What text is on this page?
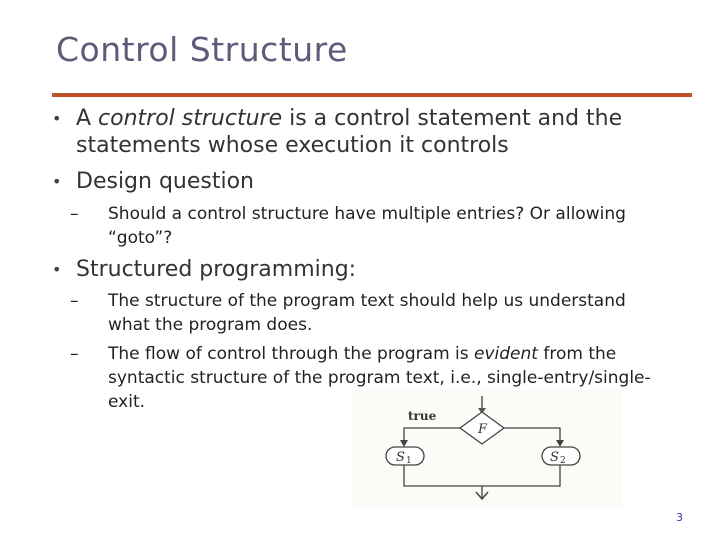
Control Structure
• A control structure is a control statement and the statements whose execution it controls
• Design question
– Should a control structure have multiple entries? Or allowing “goto”?
• Structured programming:
– The structure of the program text should help us understand what the program does.
– The flow of control through the program is evident from the syntactic structure of the program text, i.e., single-entry/single-exit.
F
true
S 1	S 2
3
